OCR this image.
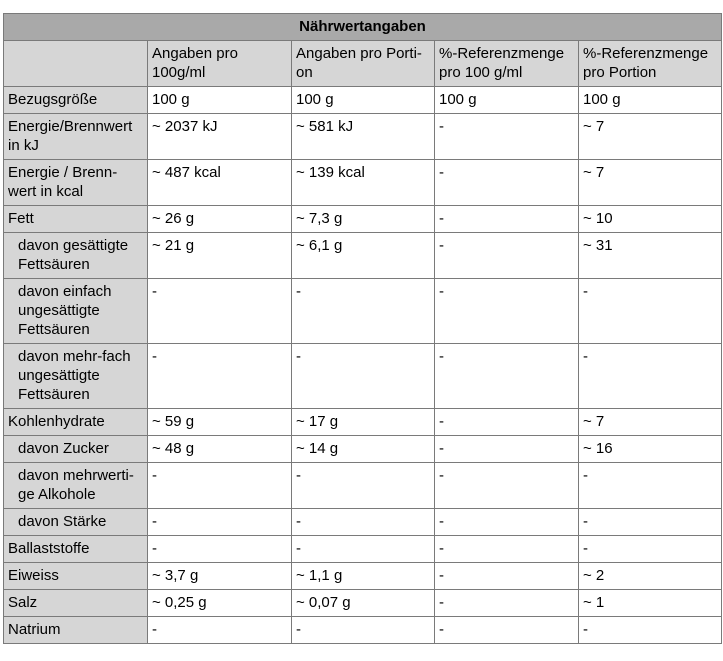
Nährwertangaben				
	Angaben pro 100g/ml	Angaben pro Porti-on	%-Referenzmenge pro 100 g/ml	%-Referenzmenge pro Portion
Bezugsgröße	100 g	100 g	100 g	100 g
Energie/Brennwert in kJ	~ 2037 kJ	~ 581 kJ	-	~ 7
Energie / Brenn-wert in kcal	~ 487 kcal	~ 139 kcal	-	~ 7
Fett	~ 26 g	~ 7,3 g	-	~ 10
davon gesättigte Fettsäuren	~ 21 g	~ 6,1 g	-	~ 31
davon einfach ungesättigte Fettsäuren	-	-	-	-
davon mehr-fach ungesättigte Fettsäuren	-	-	-	-
Kohlenhydrate	~ 59 g	~ 17 g	-	~ 7
davon Zucker	~ 48 g	~ 14 g	-	~ 16
davon mehrwerti-ge Alkohole	-	-	-	-
davon Stärke	-	-	-	-
Ballaststoffe	-	-	-	-
Eiweiss	~ 3,7 g	~ 1,1 g	-	~ 2
Salz	~ 0,25 g	~ 0,07 g	-	~ 1
Natrium	-	-	-	-
